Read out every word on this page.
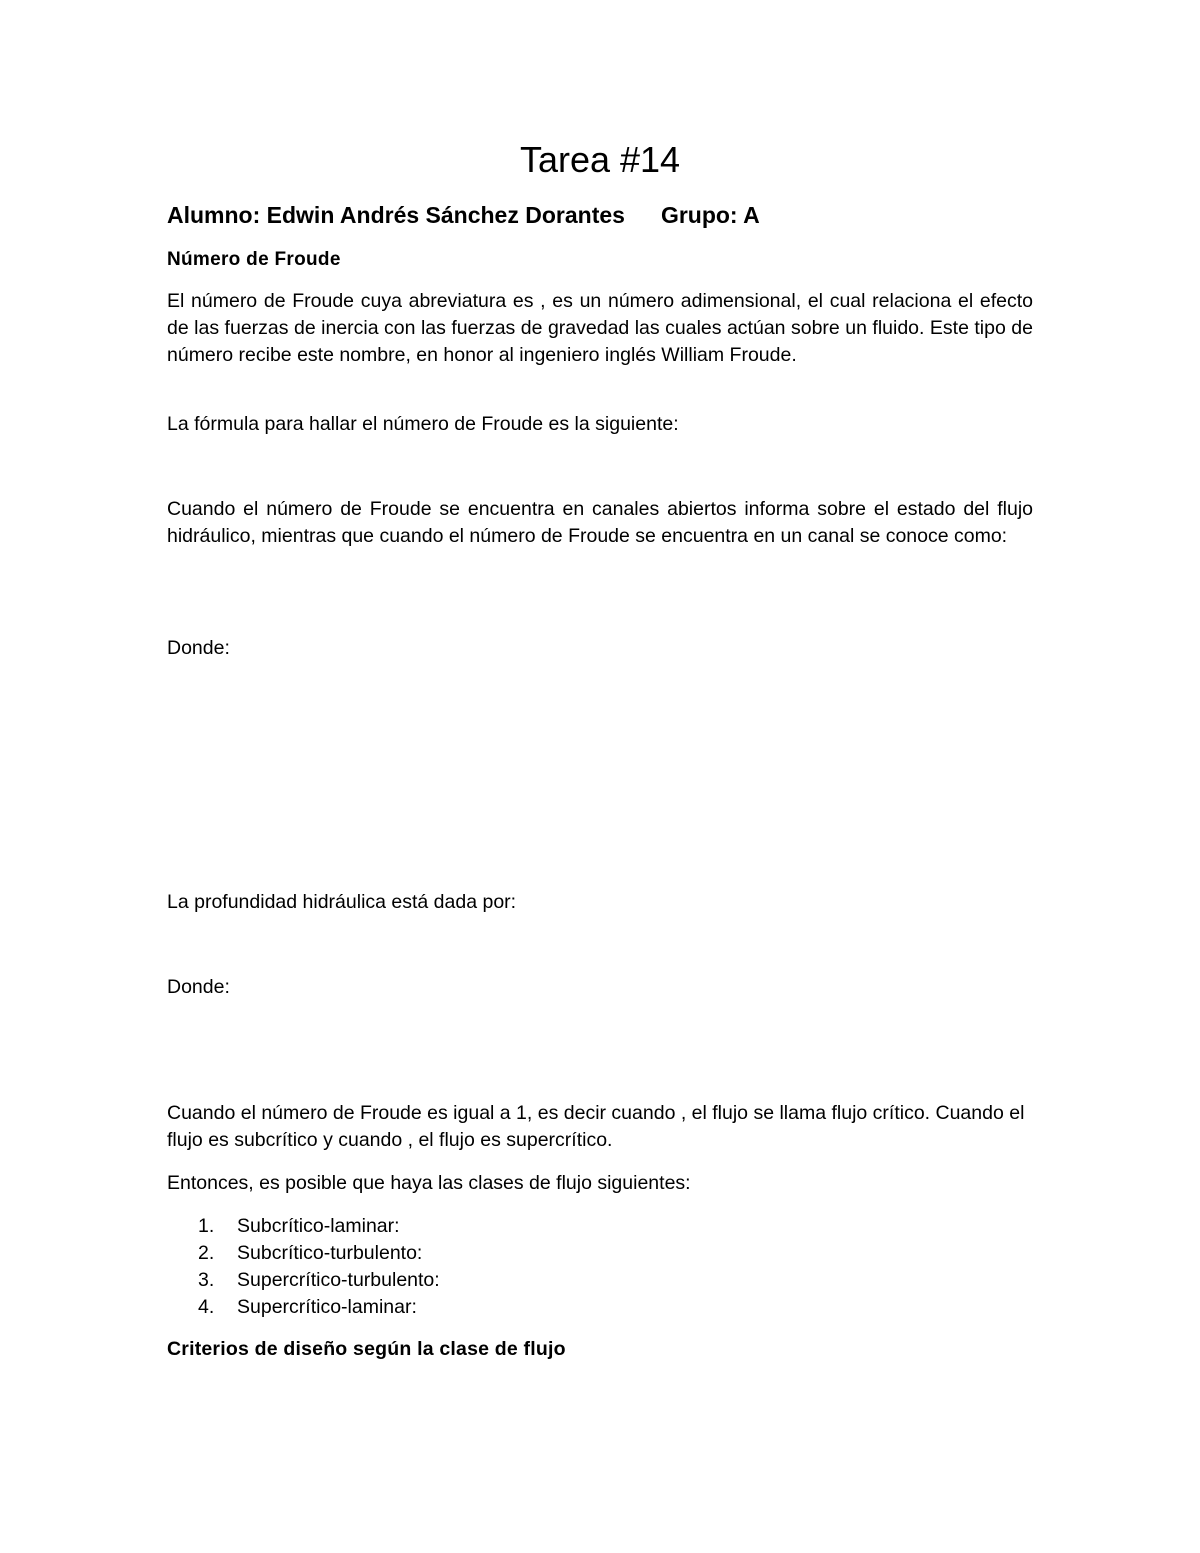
Tarea #14
Alumno: Edwin Andrés Sánchez Dorantes Grupo: A
Número de Froude

El número de Froude cuya abreviatura es , es un número adimensional, el cual relaciona el efecto de las fuerzas de inercia con las fuerzas de gravedad las cuales actúan sobre un fluido. Este tipo de número recibe este nombre, en honor al ingeniero inglés William Froude.

La fórmula para hallar el número de Froude es la siguiente:

Cuando el número de Froude se encuentra en canales abiertos informa sobre el estado del flujo hidráulico, mientras que cuando el número de Froude se encuentra en un canal se conoce como:

Donde:

La profundidad hidráulica está dada por:

Donde:

Cuando el número de Froude es igual a 1, es decir cuando , el flujo se llama flujo crítico. Cuando el flujo es subcrítico y cuando , el flujo es supercrítico.

Entonces, es posible que haya las clases de flujo siguientes:

1. Subcrítico-laminar:
2. Subcrítico-turbulento:
3. Supercrítico-turbulento:
4. Supercrítico-laminar:
Criterios de diseño según la clase de flujo
